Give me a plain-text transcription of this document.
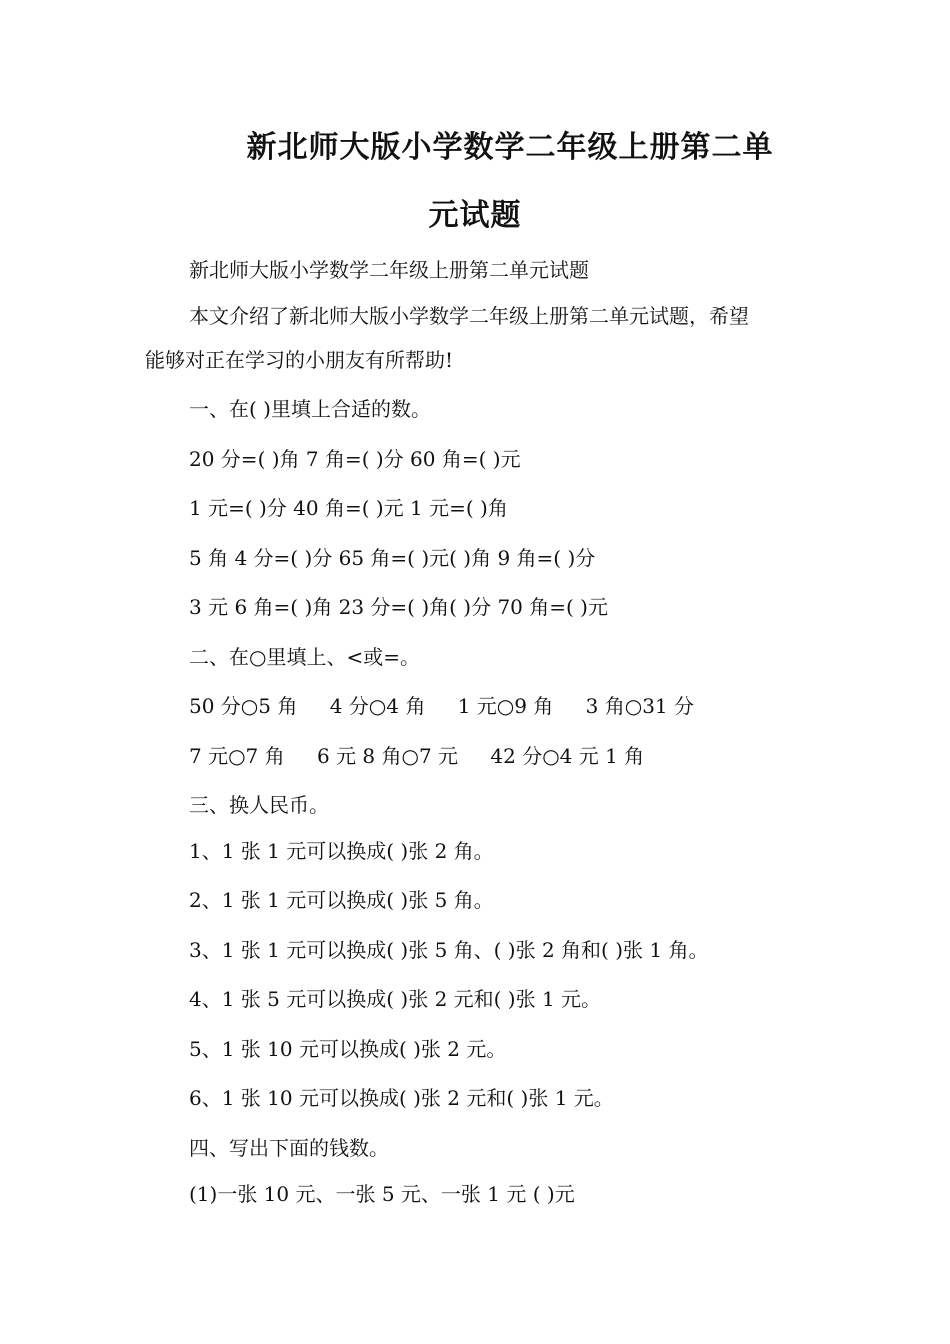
新北师大版小学数学二年级上册第二单
元试题
新北师大版小学数学二年级上册第二单元试题
本文介绍了新北师大版小学数学二年级上册第二单元试题，希望
能够对正在学习的小朋友有所帮助!
一、在( )里填上合适的数。
20 分=( )角 7 角=( )分 60 角=( )元
1 元=( )分 40 角=( )元 1 元=( )角
5 角 4 分=( )分 65 角=( )元( )角 9 角=( )分
3 元 6 角=( )角 23 分=( )角( )分 70 角=( )元
二、在○里填上、<或=。
50 分○5 角 4 分○4 角 1 元○9 角 3 角○31 分
7 元○7 角 6 元 8 角○7 元 42 分○4 元 1 角
三、换人民币。
1、1 张 1 元可以换成( )张 2 角。
2、1 张 1 元可以换成( )张 5 角。
3、1 张 1 元可以换成( )张 5 角、( )张 2 角和( )张 1 角。
4、1 张 5 元可以换成( )张 2 元和( )张 1 元。
5、1 张 10 元可以换成( )张 2 元。
6、1 张 10 元可以换成( )张 2 元和( )张 1 元。
四、写出下面的钱数。
(1)一张 10 元、一张 5 元、一张 1 元 ( )元
